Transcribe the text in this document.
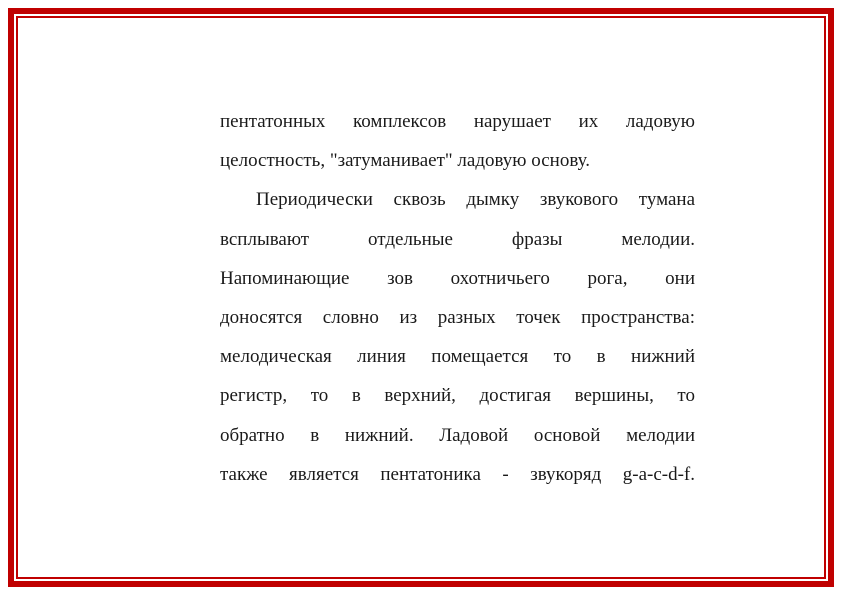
пентатонных комплексов нарушает их ладовую
целостность, "затуманивает" ладовую основу.
Периодически сквозь дымку звукового тумана
всплывают отдельные фразы мелодии.
Напоминающие зов охотничьего рога, они
доносятся словно из разных точек пространства:
мелодическая линия помещается то в нижний
регистр, то в верхний, достигая вершины, то
обратно в нижний. Ладовой основой мелодии
также является пентатоника - звукоряд g-a-c-d-f.
